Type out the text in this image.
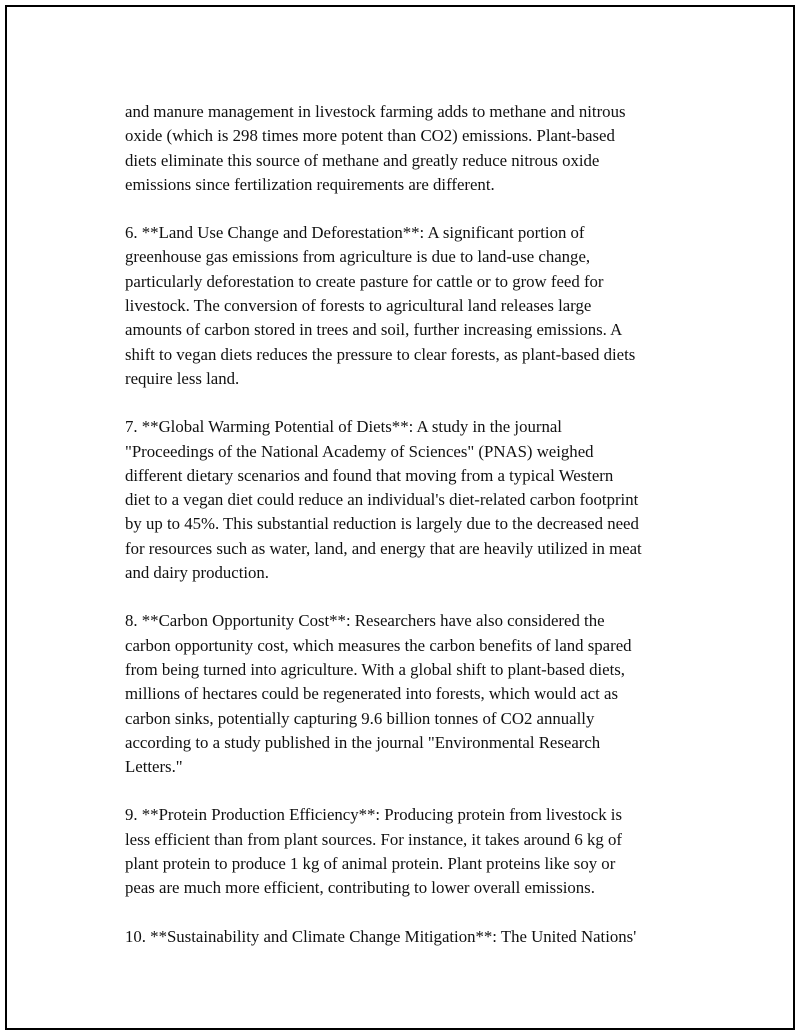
and manure management in livestock farming adds to methane and nitrous
oxide (which is 298 times more potent than CO2) emissions. Plant-based
diets eliminate this source of methane and greatly reduce nitrous oxide
emissions since fertilization requirements are different.

6. **Land Use Change and Deforestation**: A significant portion of
greenhouse gas emissions from agriculture is due to land-use change,
particularly deforestation to create pasture for cattle or to grow feed for
livestock. The conversion of forests to agricultural land releases large
amounts of carbon stored in trees and soil, further increasing emissions. A
shift to vegan diets reduces the pressure to clear forests, as plant-based diets
require less land.

7. **Global Warming Potential of Diets**: A study in the journal
"Proceedings of the National Academy of Sciences" (PNAS) weighed
different dietary scenarios and found that moving from a typical Western
diet to a vegan diet could reduce an individual's diet-related carbon footprint
by up to 45%. This substantial reduction is largely due to the decreased need
for resources such as water, land, and energy that are heavily utilized in meat
and dairy production.

8. **Carbon Opportunity Cost**: Researchers have also considered the
carbon opportunity cost, which measures the carbon benefits of land spared
from being turned into agriculture. With a global shift to plant-based diets,
millions of hectares could be regenerated into forests, which would act as
carbon sinks, potentially capturing 9.6 billion tonnes of CO2 annually
according to a study published in the journal "Environmental Research
Letters."

9. **Protein Production Efficiency**: Producing protein from livestock is
less efficient than from plant sources. For instance, it takes around 6 kg of
plant protein to produce 1 kg of animal protein. Plant proteins like soy or
peas are much more efficient, contributing to lower overall emissions.

10. **Sustainability and Climate Change Mitigation**: The United Nations'
